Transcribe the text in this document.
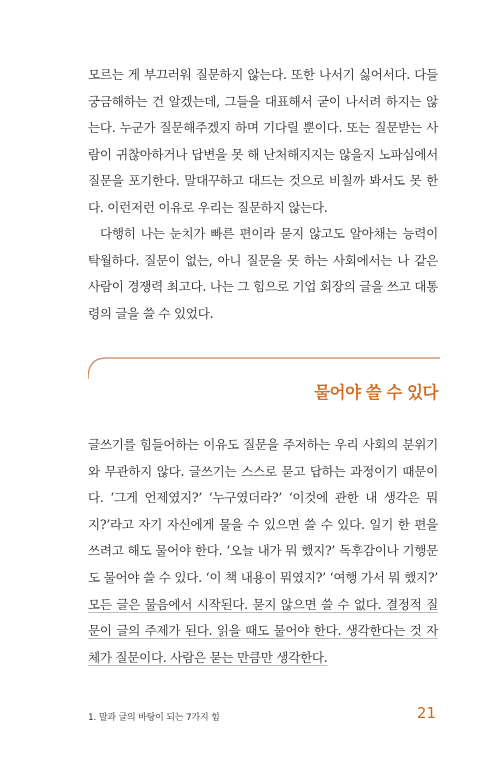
모르는 게 부끄러워 질문하지 않는다. 또한 나서기 싫어서다. 다들 궁금해하는 건 알겠는데, 그들을 대표해서 굳이 나서려 하지는 않는다. 누군가 질문해주겠지 하며 기다릴 뿐이다. 또는 질문받는 사람이 귀찮아하거나 답변을 못 해 난처해지지는 않을지 노파심에서 질문을 포기한다. 말대꾸하고 대드는 것으로 비칠까 봐서도 못 한다. 이런저런 이유로 우리는 질문하지 않는다.
다행히 나는 눈치가 빠른 편이라 묻지 않고도 알아채는 능력이 탁월하다. 질문이 없는, 아니 질문을 못 하는 사회에서는 나 같은 사람이 경쟁력 최고다. 나는 그 힘으로 기업 회장의 글을 쓰고 대통령의 글을 쓸 수 있었다.
물어야 쓸 수 있다
글쓰기를 힘들어하는 이유도 질문을 주저하는 우리 사회의 분위기와 무관하지 않다. 글쓰기는 스스로 묻고 답하는 과정이기 때문이다. ‘그게 언제였지?’ ‘누구였더라?’ ‘이것에 관한 내 생각은 뭐지?’라고 자기 자신에게 물을 수 있으면 쓸 수 있다. 일기 한 편을 쓰려고 해도 물어야 한다. ‘오늘 내가 뭐 했지?’ 독후감이나 기행문도 물어야 쓸 수 있다. ‘이 책 내용이 뭐였지?’ ‘여행 가서 뭐 했지?’ 모든 글은 물음에서 시작된다. 묻지 않으면 쓸 수 없다. 결정적 질문이 글의 주제가 된다. 읽을 때도 물어야 한다. 생각한다는 것 자체가 질문이다. 사람은 묻는 만큼만 생각한다.
1. 말과 글의 바탕이 되는 7가지 힘	21
